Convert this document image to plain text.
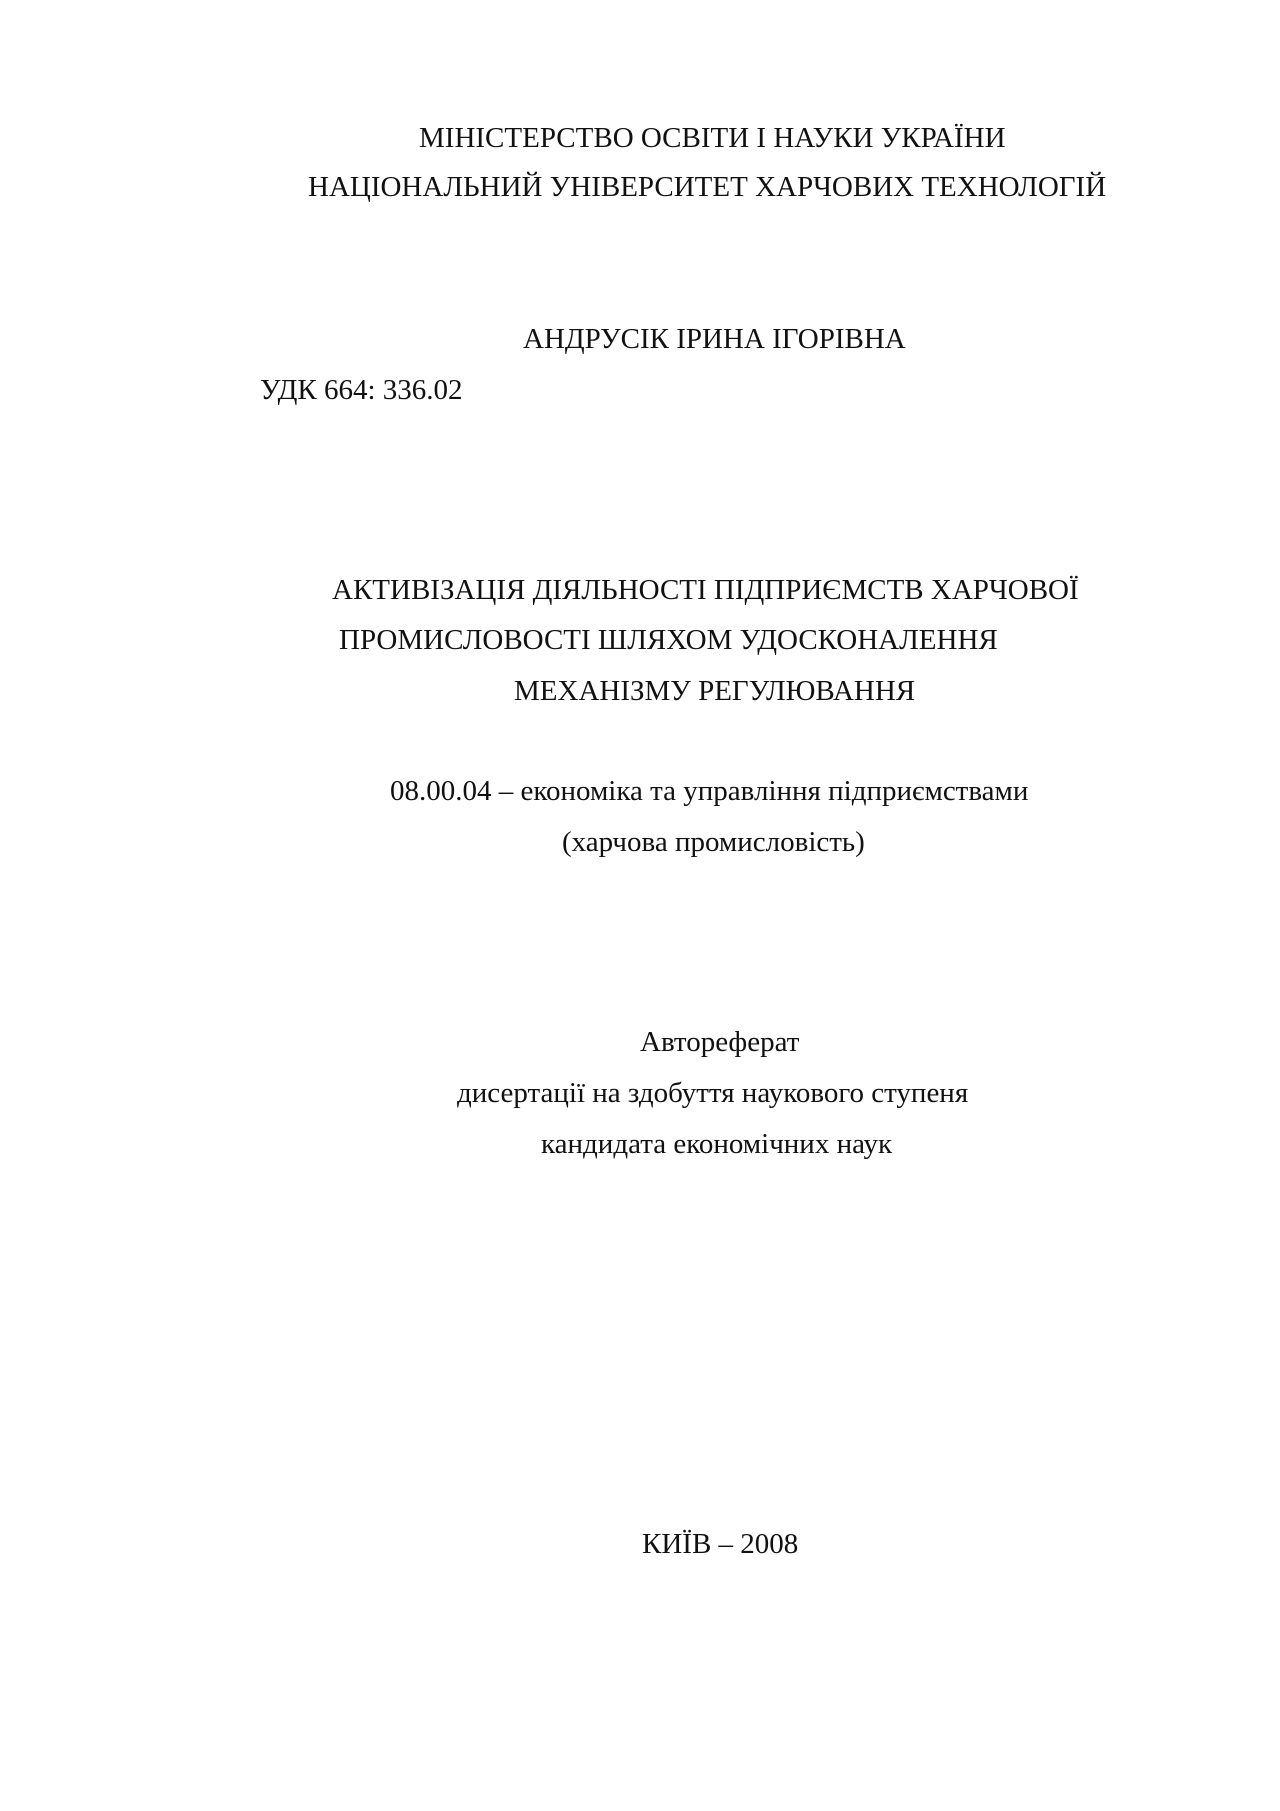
МІНІСТЕРСТВО ОСВІТИ І НАУКИ УКРАЇНИ
НАЦІОНАЛЬНИЙ УНІВЕРСИТЕТ ХАРЧОВИХ ТЕХНОЛОГІЙ
АНДРУСІК ІРИНА ІГОРІВНА
УДК 664: 336.02
АКТИВІЗАЦІЯ ДІЯЛЬНОСТІ ПІДПРИЄМСТВ ХАРЧОВОЇ
ПРОМИСЛОВОСТІ ШЛЯХОМ УДОСКОНАЛЕННЯ
МЕХАНІЗМУ РЕГУЛЮВАННЯ
08.00.04 – економіка та управління підприємствами
(харчова промисловість)
Автореферат
дисертації на здобуття наукового ступеня
кандидата економічних наук
КИЇВ – 2008
